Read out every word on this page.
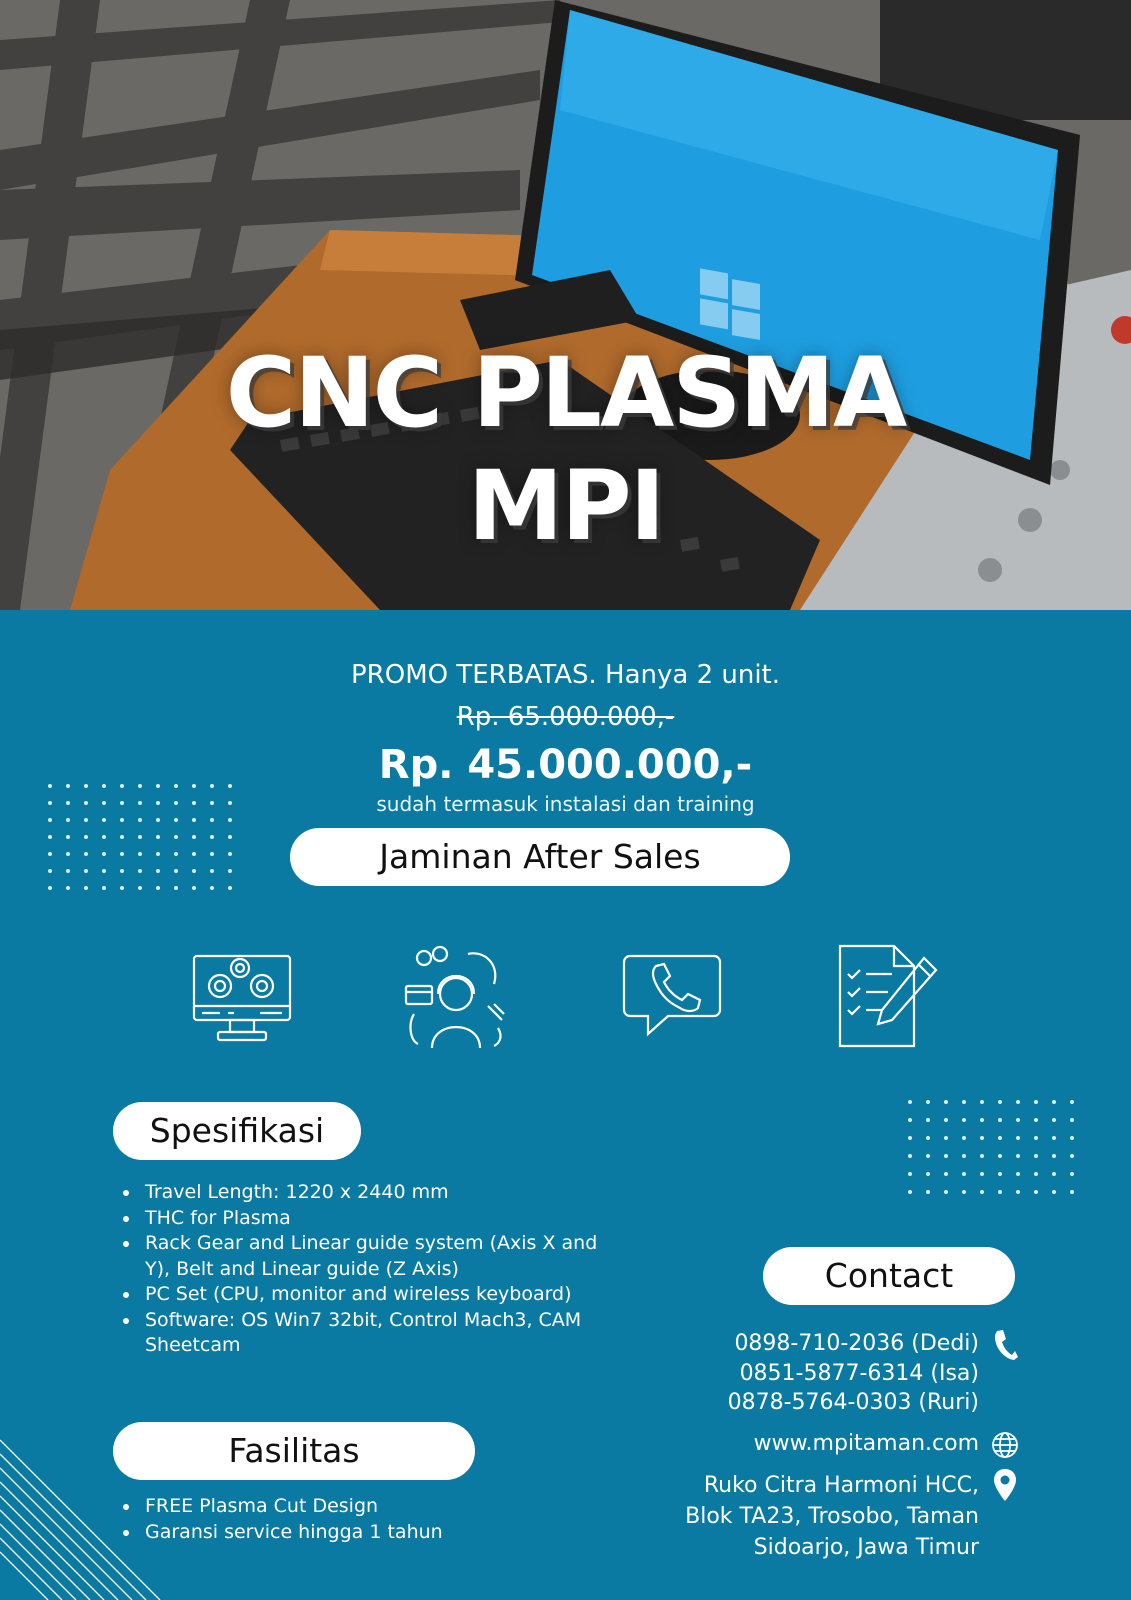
CNC PLASMA
MPI
PROMO TERBATAS. Hanya 2 unit.
Rp. 65.000.000,-
Rp. 45.000.000,-
sudah termasuk instalasi dan training
Jaminan After Sales
Spesifikasi
Travel Length: 1220 x 2440 mm
THC for Plasma
Rack Gear and Linear guide system (Axis X and Y), Belt and Linear guide (Z Axis)
PC Set (CPU, monitor and wireless keyboard)
Software: OS Win7 32bit, Control Mach3, CAM Sheetcam
Fasilitas
FREE Plasma Cut Design
Garansi service hingga 1 tahun
Contact
0898-710-2036 (Dedi)
0851-5877-6314 (Isa)
0878-5764-0303 (Ruri)
www.mpitaman.com
Ruko Citra Harmoni HCC,
Blok TA23, Trosobo, Taman
Sidoarjo, Jawa Timur
